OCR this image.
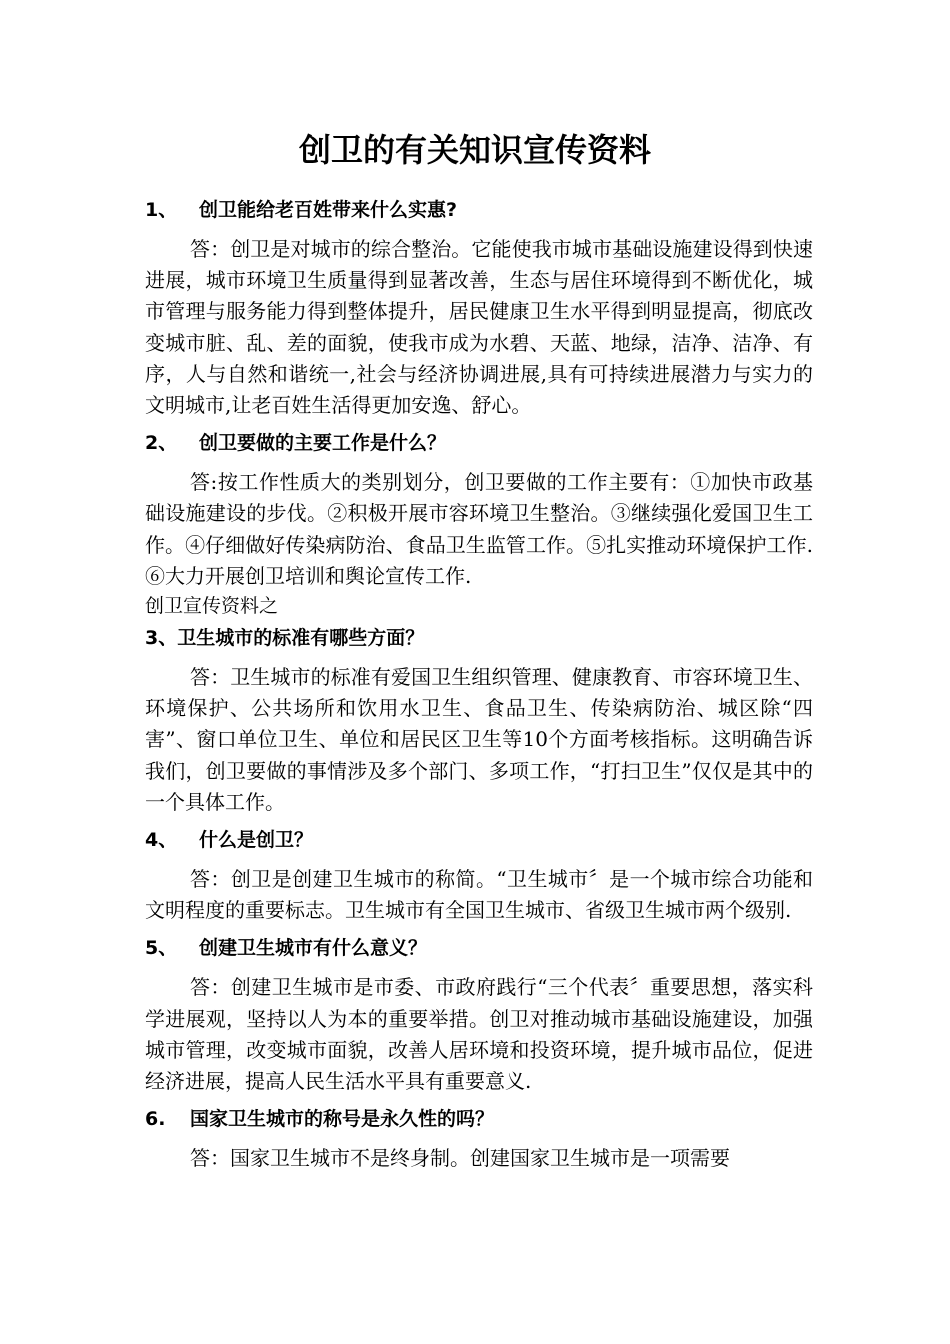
创卫的有关知识宣传资料
1、	创卫能给老百姓带来什么实惠?

答：创卫是对城市的综合整治。它能使我市城市基础设施建设得到快速进展，城市环境卫生质量得到显著改善，生态与居住环境得到不断优化，城市管理与服务能力得到整体提升，居民健康卫生水平得到明显提高，彻底改变城市脏、乱、差的面貌，使我市成为水碧、天蓝、地绿，洁净、洁净、有序，人与自然和谐统一,社会与经济协调进展,具有可持续进展潜力与实力的文明城市,让老百姓生活得更加安逸、舒心。

2、	创卫要做的主要工作是什么？

答:按工作性质大的类别划分，创卫要做的工作主要有：①加快市政基础设施建设的步伐。②积极开展市容环境卫生整治。③继续强化爱国卫生工作。④仔细做好传染病防治、食品卫生监管工作。⑤扎实推动环境保护工作.⑥大力开展创卫培训和舆论宣传工作.

创卫宣传资料之

3、 卫生城市的标准有哪些方面？

答：卫生城市的标准有爱国卫生组织管理、健康教育、市容环境卫生、环境保护、公共场所和饮用水卫生、食品卫生、传染病防治、城区除“四害”、窗口单位卫生、单位和居民区卫生等10个方面考核指标。这明确告诉我们，创卫要做的事情涉及多个部门、多项工作，“打扫卫生”仅仅是其中的一个具体工作。

4、	什么是创卫？

答：创卫是创建卫生城市的称简。“卫生城市〞是一个城市综合功能和文明程度的重要标志。卫生城市有全国卫生城市、省级卫生城市两个级别.

5、	创建卫生城市有什么意义？

答：创建卫生城市是市委、市政府践行“三个代表〞重要思想，落实科学进展观，坚持以人为本的重要举措。创卫对推动城市基础设施建设，加强城市管理，改变城市面貌，改善人居环境和投资环境，提升城市品位，促进经济进展，提高人民生活水平具有重要意义.

6.	国家卫生城市的称号是永久性的吗？

答：国家卫生城市不是终身制。创建国家卫生城市是一项需要
